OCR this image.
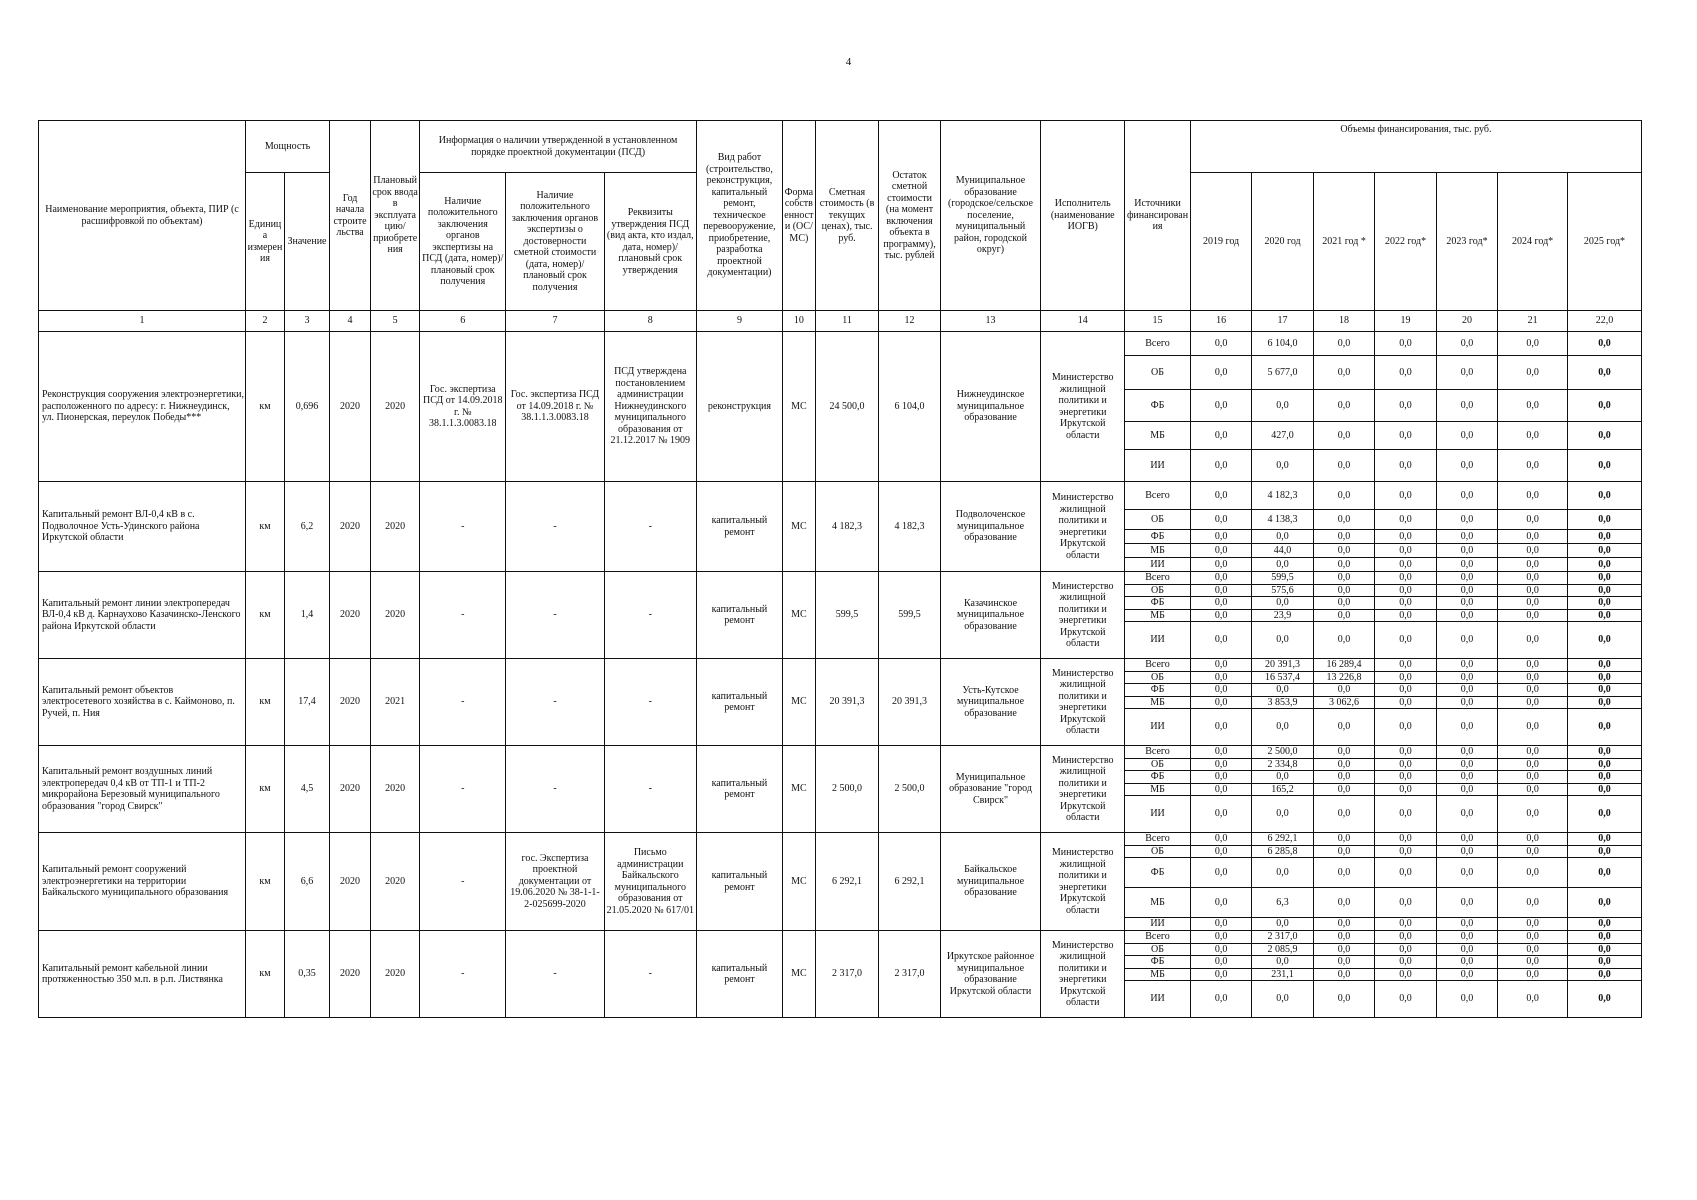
4
Наименование мероприятия, объекта, ПИР (с расшифровкой по объектам)	Мощность		Год начала строительства	Плановый срок ввода в эксплуатацию/приобретения	Информация о наличии утвержденной в установленном порядке проектной документации (ПСД)			Вид работ (строительство, реконструкция, капитальный ремонт, техническое перевооружение, приобретение, разработка проектной документации)	Форма собственности (ОС/МС)	Сметная стоимость (в текущих ценах), тыс. руб.	Остаток сметной стоимости (на момент включения объекта в программу), тыс. рублей	Муниципальное образование (городское/сельское поселение, муниципальный район, городской округ)	Исполнитель (наименование ИОГВ)	Источники финансирования	Объемы финансирования, тыс. руб.						
	Единица измерения	Значение			Наличие положительного заключения органов экспертизы на ПСД (дата, номер)/плановый срок получения	Наличие положительного заключения органов экспертизы о достоверности сметной стоимости (дата, номер)/плановый срок получения	Реквизиты утверждения ПСД (вид акта, кто издал, дата, номер)/плановый срок утверждения								2019 год	2020 год	2021 год *	2022 год*	2023 год*	2024 год*	2025 год*
1	2	3	4	5	6	7	8	9	10	11	12	13	14	15	16	17	18	19	20	21	22,0
Реконструкция сооружения электроэнергетики, расположенного по адресу: г. Нижнеудинск, ул. Пионерская, переулок Победы***	км	0,696	2020	2020	Гос. экспертиза ПСД от 14.09.2018 г. № 38.1.1.3.0083.18	Гос. экспертиза ПСД от 14.09.2018 г. № 38.1.1.3.0083.18	ПСД утверждена постановлением администрации Нижнеудинского муниципального образования от 21.12.2017 № 1909	реконструкция	МС	24 500,0	6 104,0	Нижнеудинское муниципальное образование	Министерство жилищной политики и энергетики Иркутской области	Всего	0,0	6 104,0	0,0	0,0	0,0	0,0	0,0
														ОБ	0,0	5 677,0	0,0	0,0	0,0	0,0	0,0
														ФБ	0,0	0,0	0,0	0,0	0,0	0,0	0,0
														МБ	0,0	427,0	0,0	0,0	0,0	0,0	0,0
														ИИ	0,0	0,0	0,0	0,0	0,0	0,0	0,0
Капитальный ремонт ВЛ-0,4 кВ в с. Подволочное Усть-Удинского района Иркутской области	км	6,2	2020	2020	-	-	-	капитальный ремонт	МС	4 182,3	4 182,3	Подволоченское муниципальное образование	Министерство жилищной политики и энергетики Иркутской области	Всего	0,0	4 182,3	0,0	0,0	0,0	0,0	0,0
														ОБ	0,0	4 138,3	0,0	0,0	0,0	0,0	0,0
														ФБ	0,0	0,0	0,0	0,0	0,0	0,0	0,0
														МБ	0,0	44,0	0,0	0,0	0,0	0,0	0,0
														ИИ	0,0	0,0	0,0	0,0	0,0	0,0	0,0
Капитальный ремонт линии электропередач ВЛ-0,4 кВ д. Карнаухово Казачинско-Ленского района Иркутской области	км	1,4	2020	2020	-	-	-	капитальный ремонт	МС	599,5	599,5	Казачинское муниципальное образование	Министерство жилищной политики и энергетики Иркутской области	Всего	0,0	599,5	0,0	0,0	0,0	0,0	0,0
														ОБ	0,0	575,6	0,0	0,0	0,0	0,0	0,0
														ФБ	0,0	0,0	0,0	0,0	0,0	0,0	0,0
														МБ	0,0	23,9	0,0	0,0	0,0	0,0	0,0
														ИИ	0,0	0,0	0,0	0,0	0,0	0,0	0,0
Капитальный ремонт объектов электросетевого хозяйства в с. Каймоново, п. Ручей, п. Ния	км	17,4	2020	2021	-	-	-	капитальный ремонт	МС	20 391,3	20 391,3	Усть-Кутское муниципальное образование	Министерство жилищной политики и энергетики Иркутской области	Всего	0,0	20 391,3	16 289,4	0,0	0,0	0,0	0,0
														ОБ	0,0	16 537,4	13 226,8	0,0	0,0	0,0	0,0
														ФБ	0,0	0,0	0,0	0,0	0,0	0,0	0,0
														МБ	0,0	3 853,9	3 062,6	0,0	0,0	0,0	0,0
														ИИ	0,0	0,0	0,0	0,0	0,0	0,0	0,0
Капитальный ремонт воздушных линий электропередач 0,4 кВ от ТП-1 и ТП-2 микрорайона Березовый муниципального образования "город Свирск"	км	4,5	2020	2020	-	-	-	капитальный ремонт	МС	2 500,0	2 500,0	Муниципальное образование "город Свирск"	Министерство жилищной политики и энергетики Иркутской области	Всего	0,0	2 500,0	0,0	0,0	0,0	0,0	0,0
														ОБ	0,0	2 334,8	0,0	0,0	0,0	0,0	0,0
														ФБ	0,0	0,0	0,0	0,0	0,0	0,0	0,0
														МБ	0,0	165,2	0,0	0,0	0,0	0,0	0,0
														ИИ	0,0	0,0	0,0	0,0	0,0	0,0	0,0
Капитальный ремонт сооружений электроэнергетики на территории Байкальского муниципального образования	км	6,6	2020	2020	-	гос. Экспертиза проектной документации от 19.06.2020 № 38-1-1-2-025699-2020	Письмо администрации Байкальского муниципального образования от 21.05.2020 № 617/01	капитальный ремонт	МС	6 292,1	6 292,1	Байкальское муниципальное образование	Министерство жилищной политики и энергетики Иркутской области	Всего	0,0	6 292,1	0,0	0,0	0,0	0,0	0,0
														ОБ	0,0	6 285,8	0,0	0,0	0,0	0,0	0,0
														ФБ	0,0	0,0	0,0	0,0	0,0	0,0	0,0
														МБ	0,0	6,3	0,0	0,0	0,0	0,0	0,0
														ИИ	0,0	0,0	0,0	0,0	0,0	0,0	0,0
Капитальный ремонт кабельной линии протяженностью 350 м.п. в р.п. Листвянка	км	0,35	2020	2020	-	-	-	капитальный ремонт	МС	2 317,0	2 317,0	Иркутское районное муниципальное образование Иркутской области	Министерство жилищной политики и энергетики Иркутской области	Всего	0,0	2 317,0	0,0	0,0	0,0	0,0	0,0
														ОБ	0,0	2 085,9	0,0	0,0	0,0	0,0	0,0
														ФБ	0,0	0,0	0,0	0,0	0,0	0,0	0,0
														МБ	0,0	231,1	0,0	0,0	0,0	0,0	0,0
														ИИ	0,0	0,0	0,0	0,0	0,0	0,0	0,0
